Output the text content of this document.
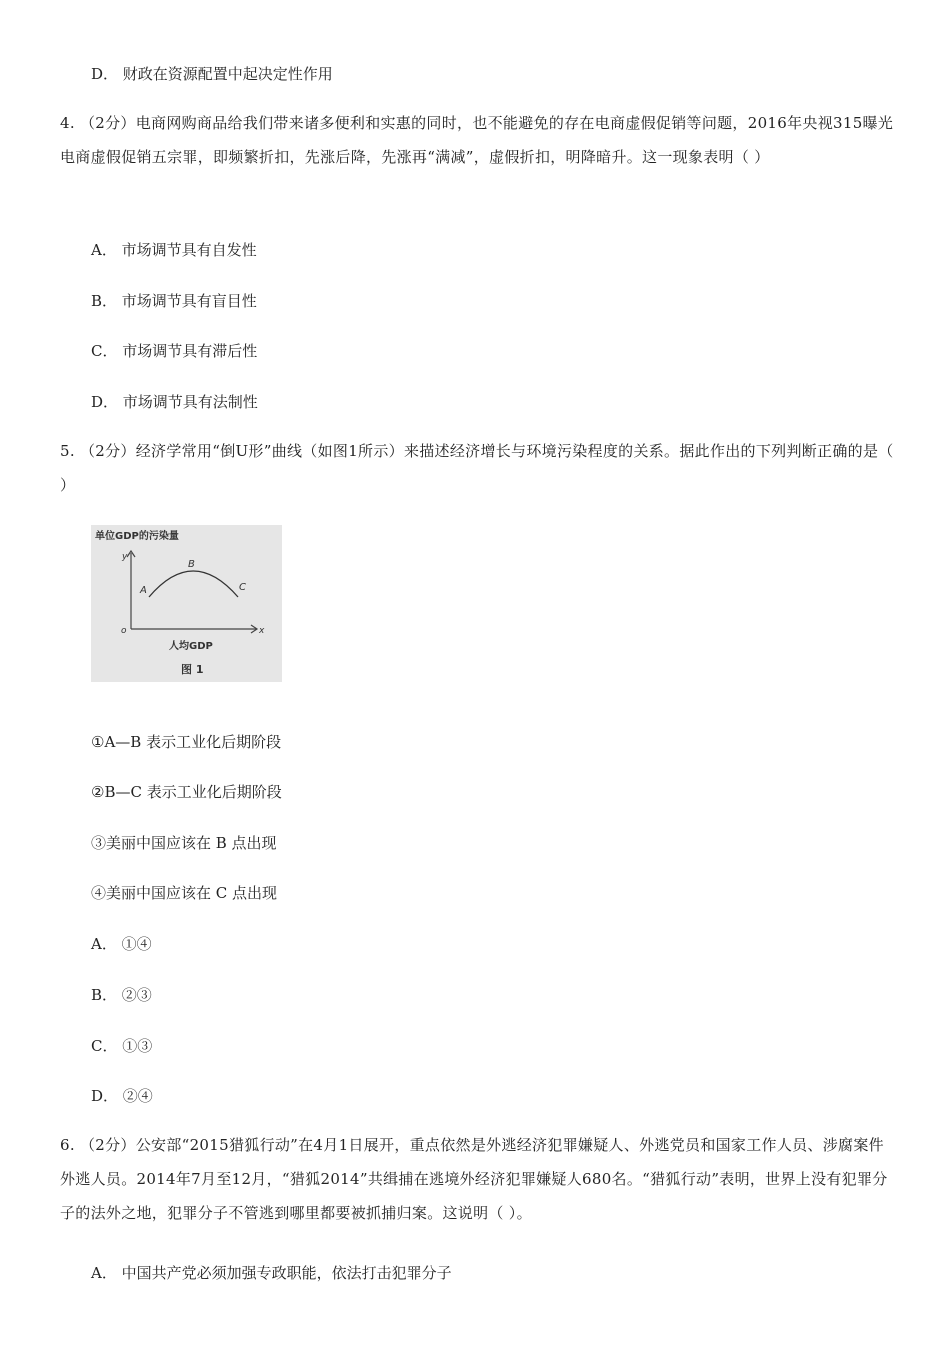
D． 财政在资源配置中起决定性作用
4. （2分）电商网购商品给我们带来诸多便利和实惠的同时，也不能避免的存在电商虚假促销等问题，2016年央视315曝光电商虚假促销五宗罪，即频繁折扣，先涨后降，先涨再“满减”，虚假折扣，明降暗升。这一现象表明（ ）
A． 市场调节具有自发性
B． 市场调节具有盲目性
C． 市场调节具有滞后性
D． 市场调节具有法制性
5. （2分）经济学常用“倒U形”曲线（如图1所示）来描述经济增长与环境污染程度的关系。据此作出的下列判断正确的是（ ）
单位GDP的污染量
y
x
o
A
B
C
人均GDP
图 1
①A—B 表示工业化后期阶段
②B—C 表示工业化后期阶段
③美丽中国应该在 B 点出现
④美丽中国应该在 C 点出现
A． ①④
B． ②③
C． ①③
D． ②④
6. （2分）公安部“2015猎狐行动”在4月1日展开，重点依然是外逃经济犯罪嫌疑人、外逃党员和国家工作人员、涉腐案件外逃人员。2014年7月至12月，“猎狐2014”共缉捕在逃境外经济犯罪嫌疑人680名。“猎狐行动”表明，世界上没有犯罪分子的法外之地，犯罪分子不管逃到哪里都要被抓捕归案。这说明（ ）。
A． 中国共产党必须加强专政职能，依法打击犯罪分子
